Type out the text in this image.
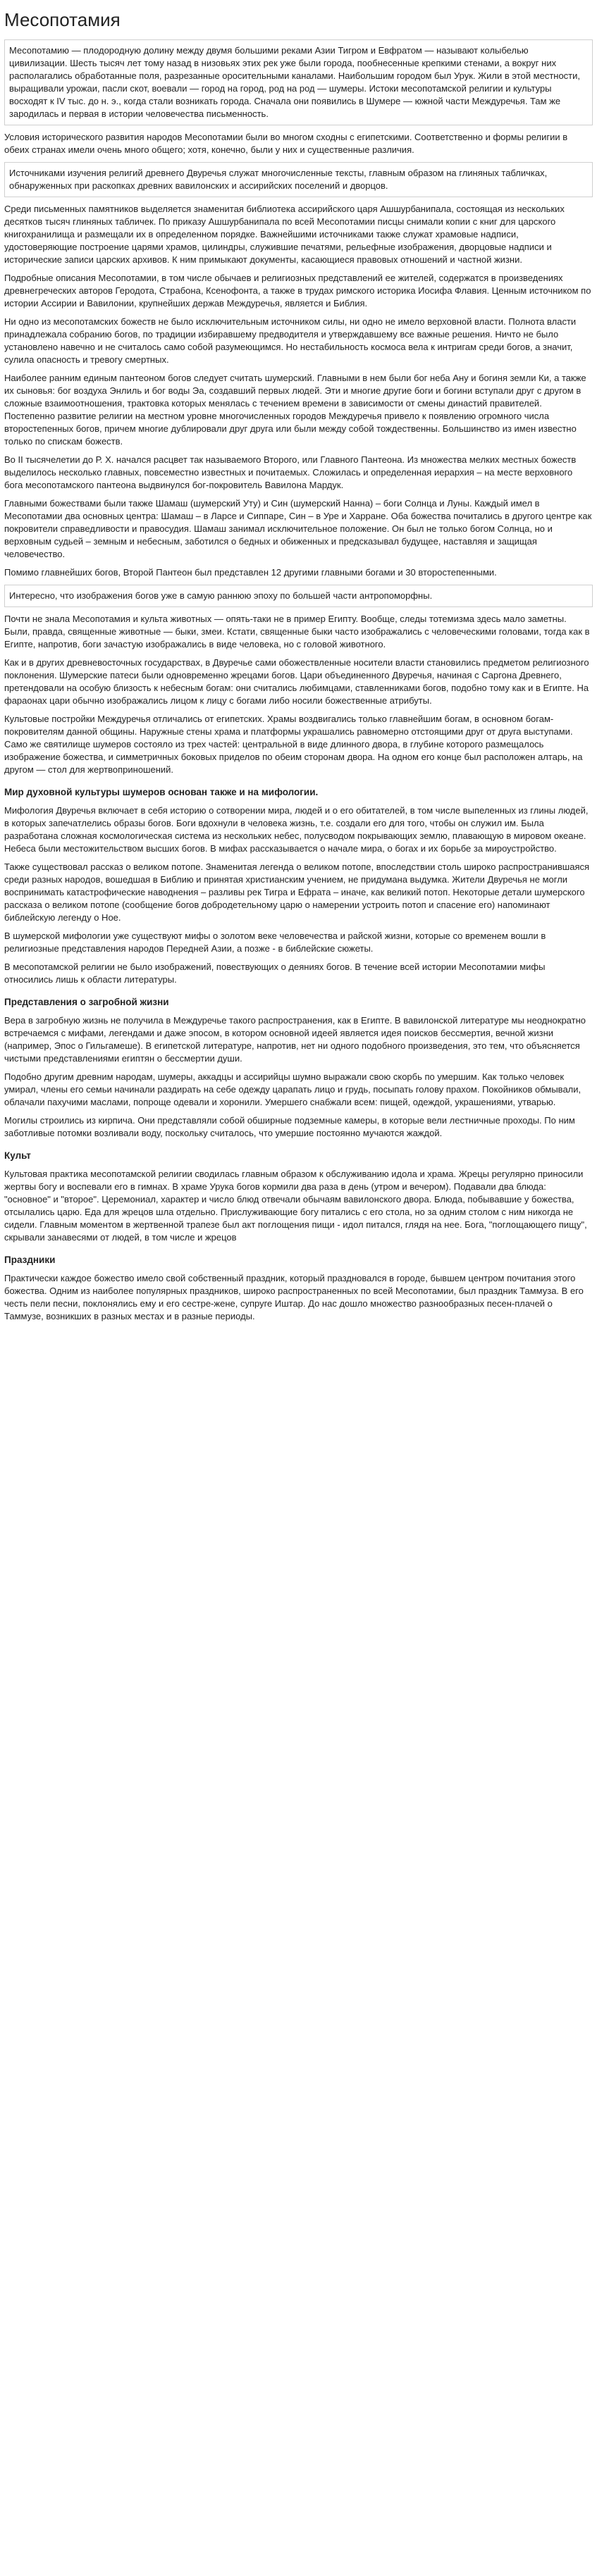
Месопотамия
Месопотамию — плодородную долину между двумя большими реками Азии Тигром и Евфратом — называют колыбелью цивилизации. Шесть тысяч лет тому назад в низовьях этих рек уже были города, пообнесенные крепкими стенами, а вокруг них располагались обработанные поля, разрезанные оросительными каналами. Наибольшим городом был Урук. Жили в этой местности, выращивали урожаи, пасли скот, воевали — город на город, род на род — шумеры. Истоки месопотамской религии и культуры восходят к IV тыс. до н. э., когда стали возникать города. Сначала они появились в Шумере — южной части Междуречья. Там же зародилась и первая в истории человечества письменность.

Условия исторического развития народов Месопотамии были во многом сходны с египетскими. Соответственно и формы религии в обеих странах имели очень много общего; хотя, конечно, были у них и существенные различия.

Источниками изучения религий древнего Двуречья служат многочисленные тексты, главным образом на глиняных табличках, обнаруженных при раскопках древних вавилонских и ассирийских поселений и дворцов.

Среди письменных памятников выделяется знаменитая библиотека ассирийского царя Ашшурбанипала, состоящая из нескольких десятков тысяч глиняных табличек. По приказу Ашшурбанипала по всей Месопотамии писцы снимали копии с книг для царского книгохранилища и размещали их в определенном порядке. Важнейшими источниками также служат храмовые надписи, удостоверяющие построение царями храмов, цилиндры, служившие печатями, рельефные изображения, дворцовые надписи и исторические записи царских архивов. К ним примыкают документы, касающиеся правовых отношений и частной жизни.

Подробные описания Месопотамии, в том числе обычаев и религиозных представлений ее жителей, содержатся в произведениях древнегреческих авторов Геродота, Страбона, Ксенофонта, а также в трудах римского историка Иосифа Флавия. Ценным источником по истории Ассирии и Вавилонии, крупнейших держав Междуречья, является и Библия.

Ни одно из месопотамских божеств не было исключительным источником силы, ни одно не имело верховной власти. Полнота власти принадлежала собранию богов, по традиции избиравшему предводителя и утверждавшему все важные решения. Ничто не было установлено навечно и не считалось само собой разумеющимся. Но нестабильность космоса вела к интригам среди богов, а значит, сулила опасность и тревогу смертных.

Наиболее ранним единым пантеоном богов следует считать шумерский. Главными в нем были бог неба Ану и богиня земли Ки, а также их сыновья: бог воздуха Энлиль и бог воды Эа, создавший первых людей. Эти и многие другие боги и богини вступали друг с другом в сложные взаимоотношения, трактовка которых менялась с течением времени в зависимости от смены династий правителей. Постепенно развитие религии на местном уровне многочисленных городов Междуречья привело к появлению огромного числа второстепенных богов, причем многие дублировали друг друга или были между собой тождественны. Большинство из имен известно только по спискам божеств.

Во II тысячелетии до Р. Х. начался расцвет так называемого Второго, или Главного Пантеона. Из множества мелких местных божеств выделилось несколько главных, повсеместно известных и почитаемых. Сложилась и определенная иерархия – на месте верховного бога месопотамского пантеона выдвинулся бог-покровитель Вавилона Мардук.

Главными божествами были также Шамаш (шумерский Уту) и Син (шумерский Нанна) – боги Солнца и Луны. Каждый имел в Месопотамии два основных центра: Шамаш – в Ларсе и Сиппаре, Син – в Уре и Харране. Оба божества почитались в другого центре как покровители справедливости и правосудия. Шамаш занимал исключительное положение. Он был не только богом Солнца, но и верховным судьей – земным и небесным, заботился о бедных и обиженных и предсказывал будущее, наставляя и защищая человечество.

Помимо главнейших богов, Второй Пантеон был представлен 12 другими главными богами и 30 второстепенными.

Интересно, что изображения богов уже в самую раннюю эпоху по большей части антропоморфны.

Почти не знала Месопотамия и культа животных — опять-таки не в пример Египту. Вообще, следы тотемизма здесь мало заметны. Были, правда, священные животные — быки, змеи. Кстати, священные быки часто изображались с человеческими головами, тогда как в Египте, напротив, боги зачастую изображались в виде человека, но с головой животного.

Как и в других древневосточных государствах, в Двуречье сами обожествленные носители власти становились предметом религиозного поклонения. Шумерские патеси были одновременно жрецами богов. Цари объединенного Двуречья, начиная с Саргона Древнего, претендовали на особую близость к небесным богам: они считались любимцами, ставленниками богов, подобно тому как и в Египте. На фараонах цари обычно изображались лицом к лицу с богами либо носили божественные атрибуты.

Культовые постройки Междуречья отличались от египетских. Храмы воздвигались только главнейшим богам, в основном богам-покровителям данной общины. Наружные стены храма и платформы украшались равномерно отстоящими друг от друга выступами. Само же святилище шумеров состояло из трех частей: центральной в виде длинного двора, в глубине которого размещалось изображение божества, и симметричных боковых приделов по обеим сторонам двора. На одном его конце был расположен алтарь, на другом — стол для жертвоприношений.

Мир духовной культуры шумеров основан также и на мифологии.

Мифология Двуречья включает в себя историю о сотворении мира, людей и о его обитателей, в том числе выпеленных из глины людей, в которых запечатлелись образы богов. Боги вдохнули в человека жизнь, т.е. создали его для того, чтобы он служил им. Была разработана сложная космологическая система из нескольких небес, полусводом покрывающих землю, плавающую в мировом океане. Небеса были местожительством высших богов. В мифах рассказывается о начале мира, о богах и их борьбе за мироустройство.

Также существовал рассказ о великом потопе. Знаменитая легенда о великом потопе, впоследствии столь широко распространившаяся среди разных народов, вошедшая в Библию и принятая христианским учением, не придумана выдумка. Жители Двуречья не могли воспринимать катастрофические наводнения – разливы рек Тигра и Ефрата – иначе, как великий потоп. Некоторые детали шумерского рассказа о великом потопе (сообщение богов добродетельному царю о намерении устроить потоп и спасение его) напоминают библейскую легенду о Ное.

В шумерской мифологии уже существуют мифы о золотом веке человечества и райской жизни, которые со временем вошли в религиозные представления народов Передней Азии, а позже - в библейские сюжеты.

В месопотамской религии не было изображений, повествующих о деяниях богов. В течение всей истории Месопотамии мифы относились лишь к области литературы.

Представления о загробной жизни

Вера в загробную жизнь не получила в Междуречье такого распространения, как в Египте. В вавилонской литературе мы неоднократно встречаемся с мифами, легендами и даже эпосом, в котором основной идеей является идея поисков бессмертия, вечной жизни (например, Эпос о Гильгамеше). В египетской литературе, напротив, нет ни одного подобного произведения, это тем, что объясняется чистыми представлениями египтян о бессмертии души.

Подобно другим древним народам, шумеры, аккадцы и ассирийцы шумно выражали свою скорбь по умершим. Как только человек умирал, члены его семьи начинали раздирать на себе одежду царапать лицо и грудь, посыпать голову прахом. Покойников обмывали, облачали пахучими маслами, попроще одевали и хоронили. Умершего снабжали всем: пищей, одеждой, украшениями, утварью.

Могилы строились из кирпича. Они представляли собой обширные подземные камеры, в которые вели лестничные проходы. По ним заботливые потомки возливали воду, поскольку считалось, что умершие постоянно мучаются жаждой.

Культ

Культовая практика месопотамской религии сводилась главным образом к обслуживанию идола и храма. Жрецы регулярно приносили жертвы богу и воспевали его в гимнах. В храме Урука богов кормили два раза в день (утром и вечером). Подавали два блюда: "основное" и "второе". Церемониал, характер и число блюд отвечали обычаям вавилонского двора. Блюда, побывавшие у божества, отсылались царю. Еда для жрецов шла отдельно. Прислуживающие богу питались с его стола, но за одним столом с ним никогда не сидели. Главным моментом в жертвенной трапезе был акт поглощения пищи - идол питался, глядя на нее. Бога, "поглощающего пищу", скрывали занавесями от людей, в том числе и жрецов

Праздники

Практически каждое божество имело свой собственный праздник, который праздновался в городе, бывшем центром почитания этого божества. Одним из наиболее популярных праздников, широко распространенных по всей Месопотамии, был праздник Таммуза. В его честь пели песни, поклонялись ему и его сестре-жене, супруге Иштар. До нас дошло множество разнообразных песен-плачей о Таммузе, возникших в разных местах и в разные периоды.
